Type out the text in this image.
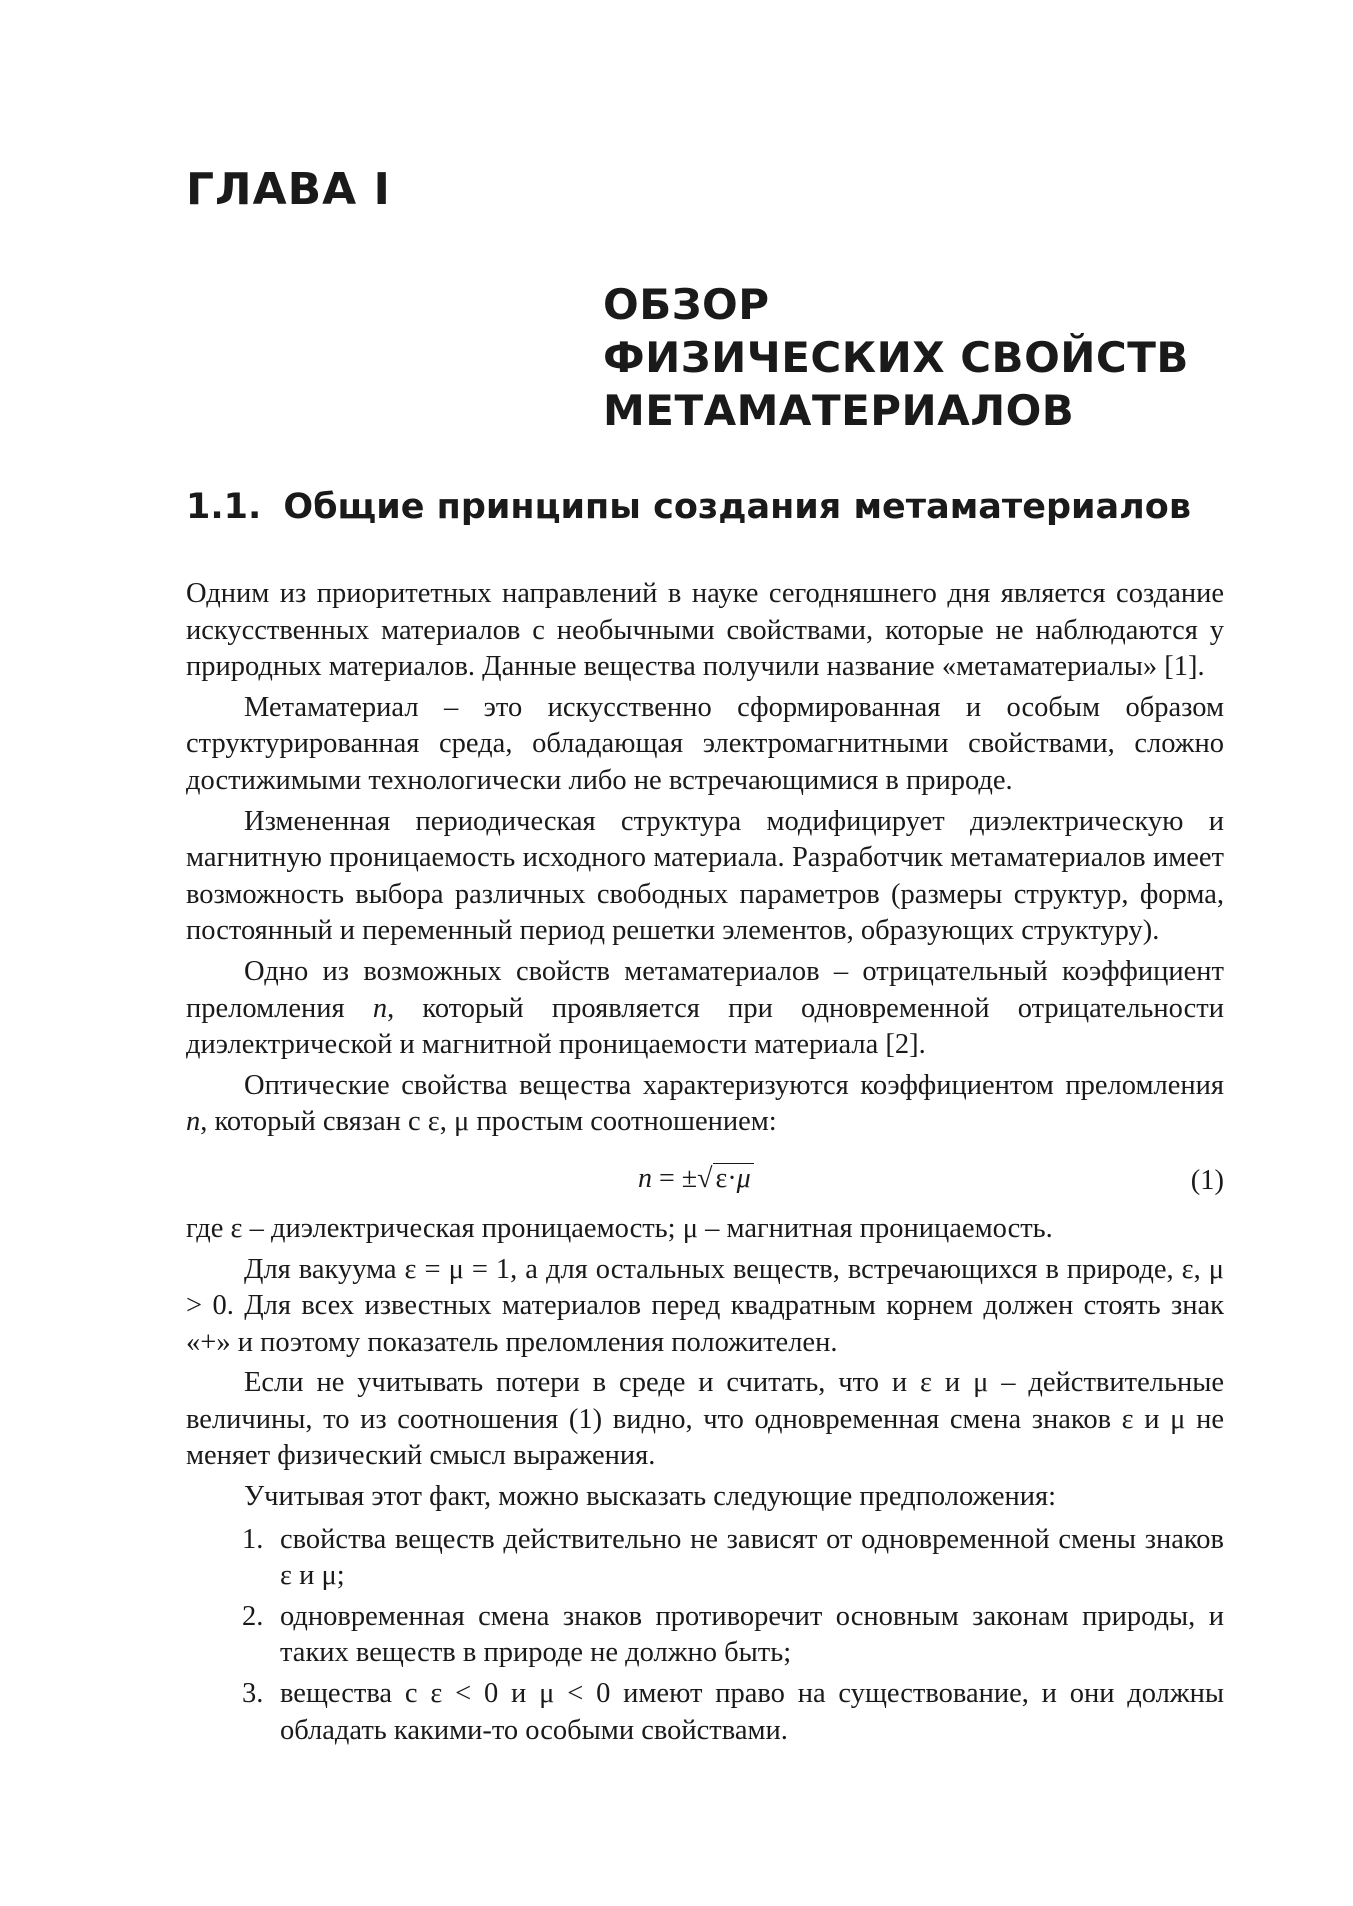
ГЛАВА I
ОБЗОР
ФИЗИЧЕСКИХ СВОЙСТВ
МЕТАМАТЕРИАЛОВ
1.1. Общие принципы создания метаматериалов

Одним из приоритетных направлений в науке сегодняшнего дня является создание искусственных материалов с необычными свойствами, которые не наблюдаются у природных материалов. Данные вещества получили название «метаматериалы» [1].

Метаматериал – это искусственно сформированная и особым образом структурированная среда, обладающая электромагнитными свойствами, сложно достижимыми технологически либо не встречающимися в природе.

Измененная периодическая структура модифицирует диэлектрическую и магнитную проницаемость исходного материала. Разработчик метаматериалов имеет возможность выбора различных свободных параметров (размеры структур, форма, постоянный и переменный период решетки элементов, образующих структуру).

Одно из возможных свойств метаматериалов – отрицательный коэффициент преломления n, который проявляется при одновременной отрицательности диэлектрической и магнитной проницаемости материала [2].

Оптические свойства вещества характеризуются коэффициентом преломления n, который связан с ε, μ простым соотношением:

n = ±√ ε·μ	(1)

где ε – диэлектрическая проницаемость; μ – магнитная проницаемость.

Для вакуума ε = μ = 1, а для остальных веществ, встречающихся в природе, ε, μ > 0. Для всех известных материалов перед квадратным корнем должен стоять знак «+» и поэтому показатель преломления положителен.

Если не учитывать потери в среде и считать, что и ε и μ – действительные величины, то из соотношения (1) видно, что одновременная смена знаков ε и μ не меняет физический смысл выражения.

Учитывая этот факт, можно высказать следующие предположения:

1. свойства веществ действительно не зависят от одновременной смены знаков ε и μ;
2. одновременная смена знаков противоречит основным законам природы, и таких веществ в природе не должно быть;
3. вещества с ε < 0 и μ < 0 имеют право на существование, и они должны обладать какими-то особыми свойствами.
